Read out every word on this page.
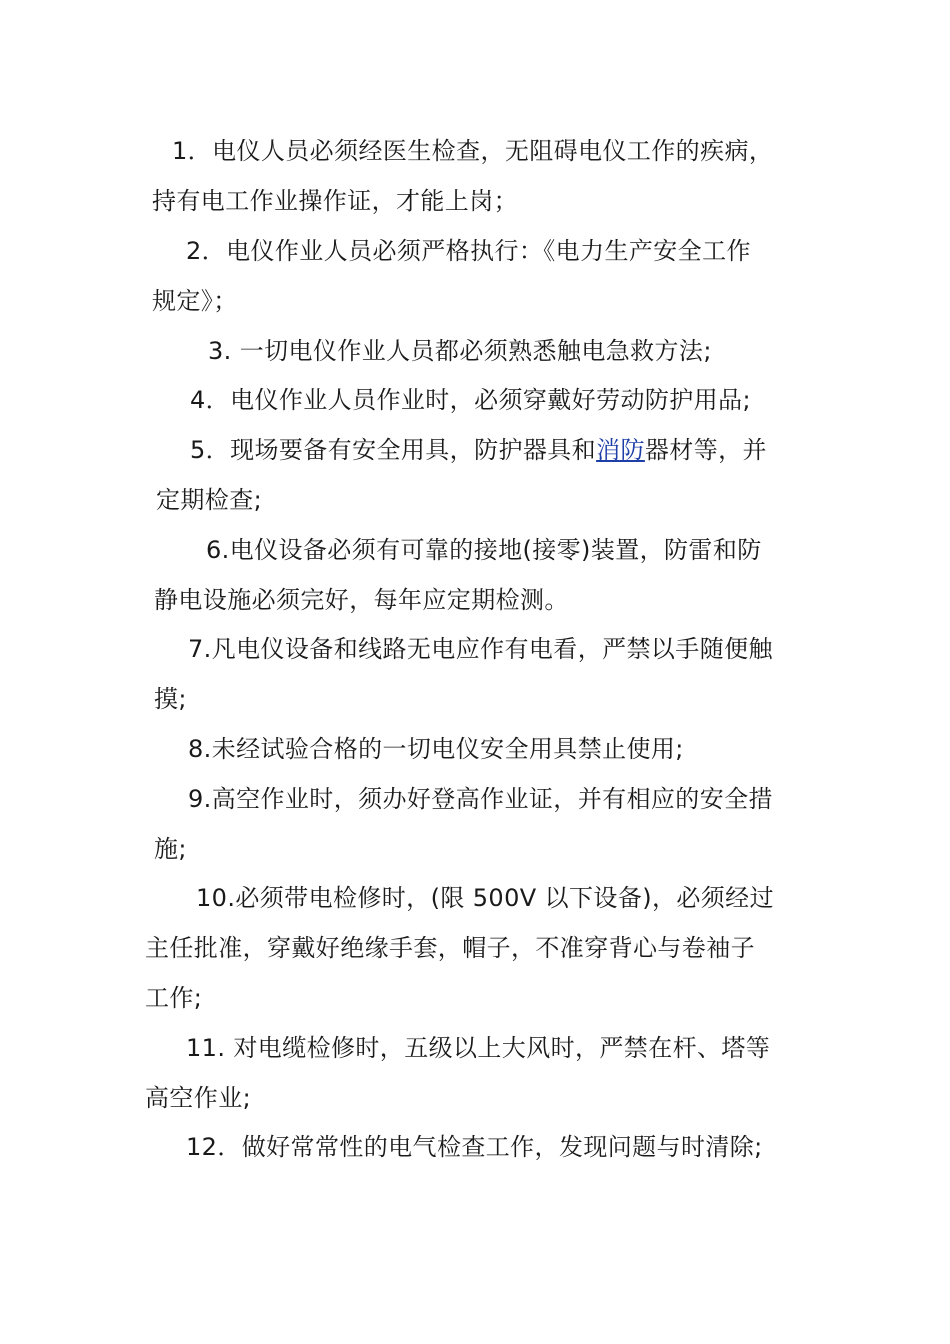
1．电仪人员必须经医生检查，无阻碍电仪工作的疾病，

持有电工作业操作证，才能上岗；

2．电仪作业人员必须严格执行：《电力生产安全工作

规定》；

3. 一切电仪作业人员都必须熟悉触电急救方法;

4．电仪作业人员作业时，必须穿戴好劳动防护用品;

5．现场要备有安全用具，防护器具和消防器材等，并

定期检查;

6.电仪设备必须有可靠的接地(接零)装置，防雷和防

静电设施必须完好，每年应定期检测。

7.凡电仪设备和线路无电应作有电看，严禁以手随便触

摸;

8.未经试验合格的一切电仪安全用具禁止使用;

9.高空作业时，须办好登高作业证，并有相应的安全措

施;

10.必须带电检修时，(限 500V 以下设备)，必须经过

主任批准，穿戴好绝缘手套，帽子，不准穿背心与卷袖子

工作;

11. 对电缆检修时，五级以上大风时，严禁在杆、塔等

高空作业;

12．做好常常性的电气检查工作，发现问题与时清除;
